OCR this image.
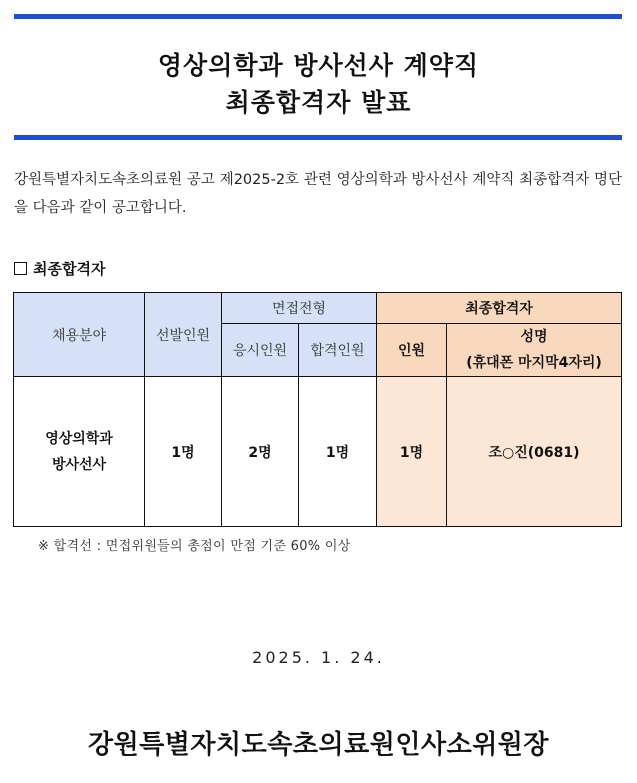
영상의학과 방사선사 계약직
최종합격자 발표
강원특별자치도속초의료원 공고 제2025-2호 관련 영상의학과 방사선사 계약직 최종합격자 명단을 다음과 같이 공고합니다.
최종합격자
채용분야	선발인원	면접전형		최종합격자	
		응시인원	합격인원	인원	성명
(휴대폰 마지막4자리)

영상의학과
방사선사	1명	2명	1명	1명	조○진(0681)
※ 합격선 : 면접위원들의 총점이 만점 기준 60% 이상
2025. 1. 24.
강원특별자치도속초의료원인사소위원장
